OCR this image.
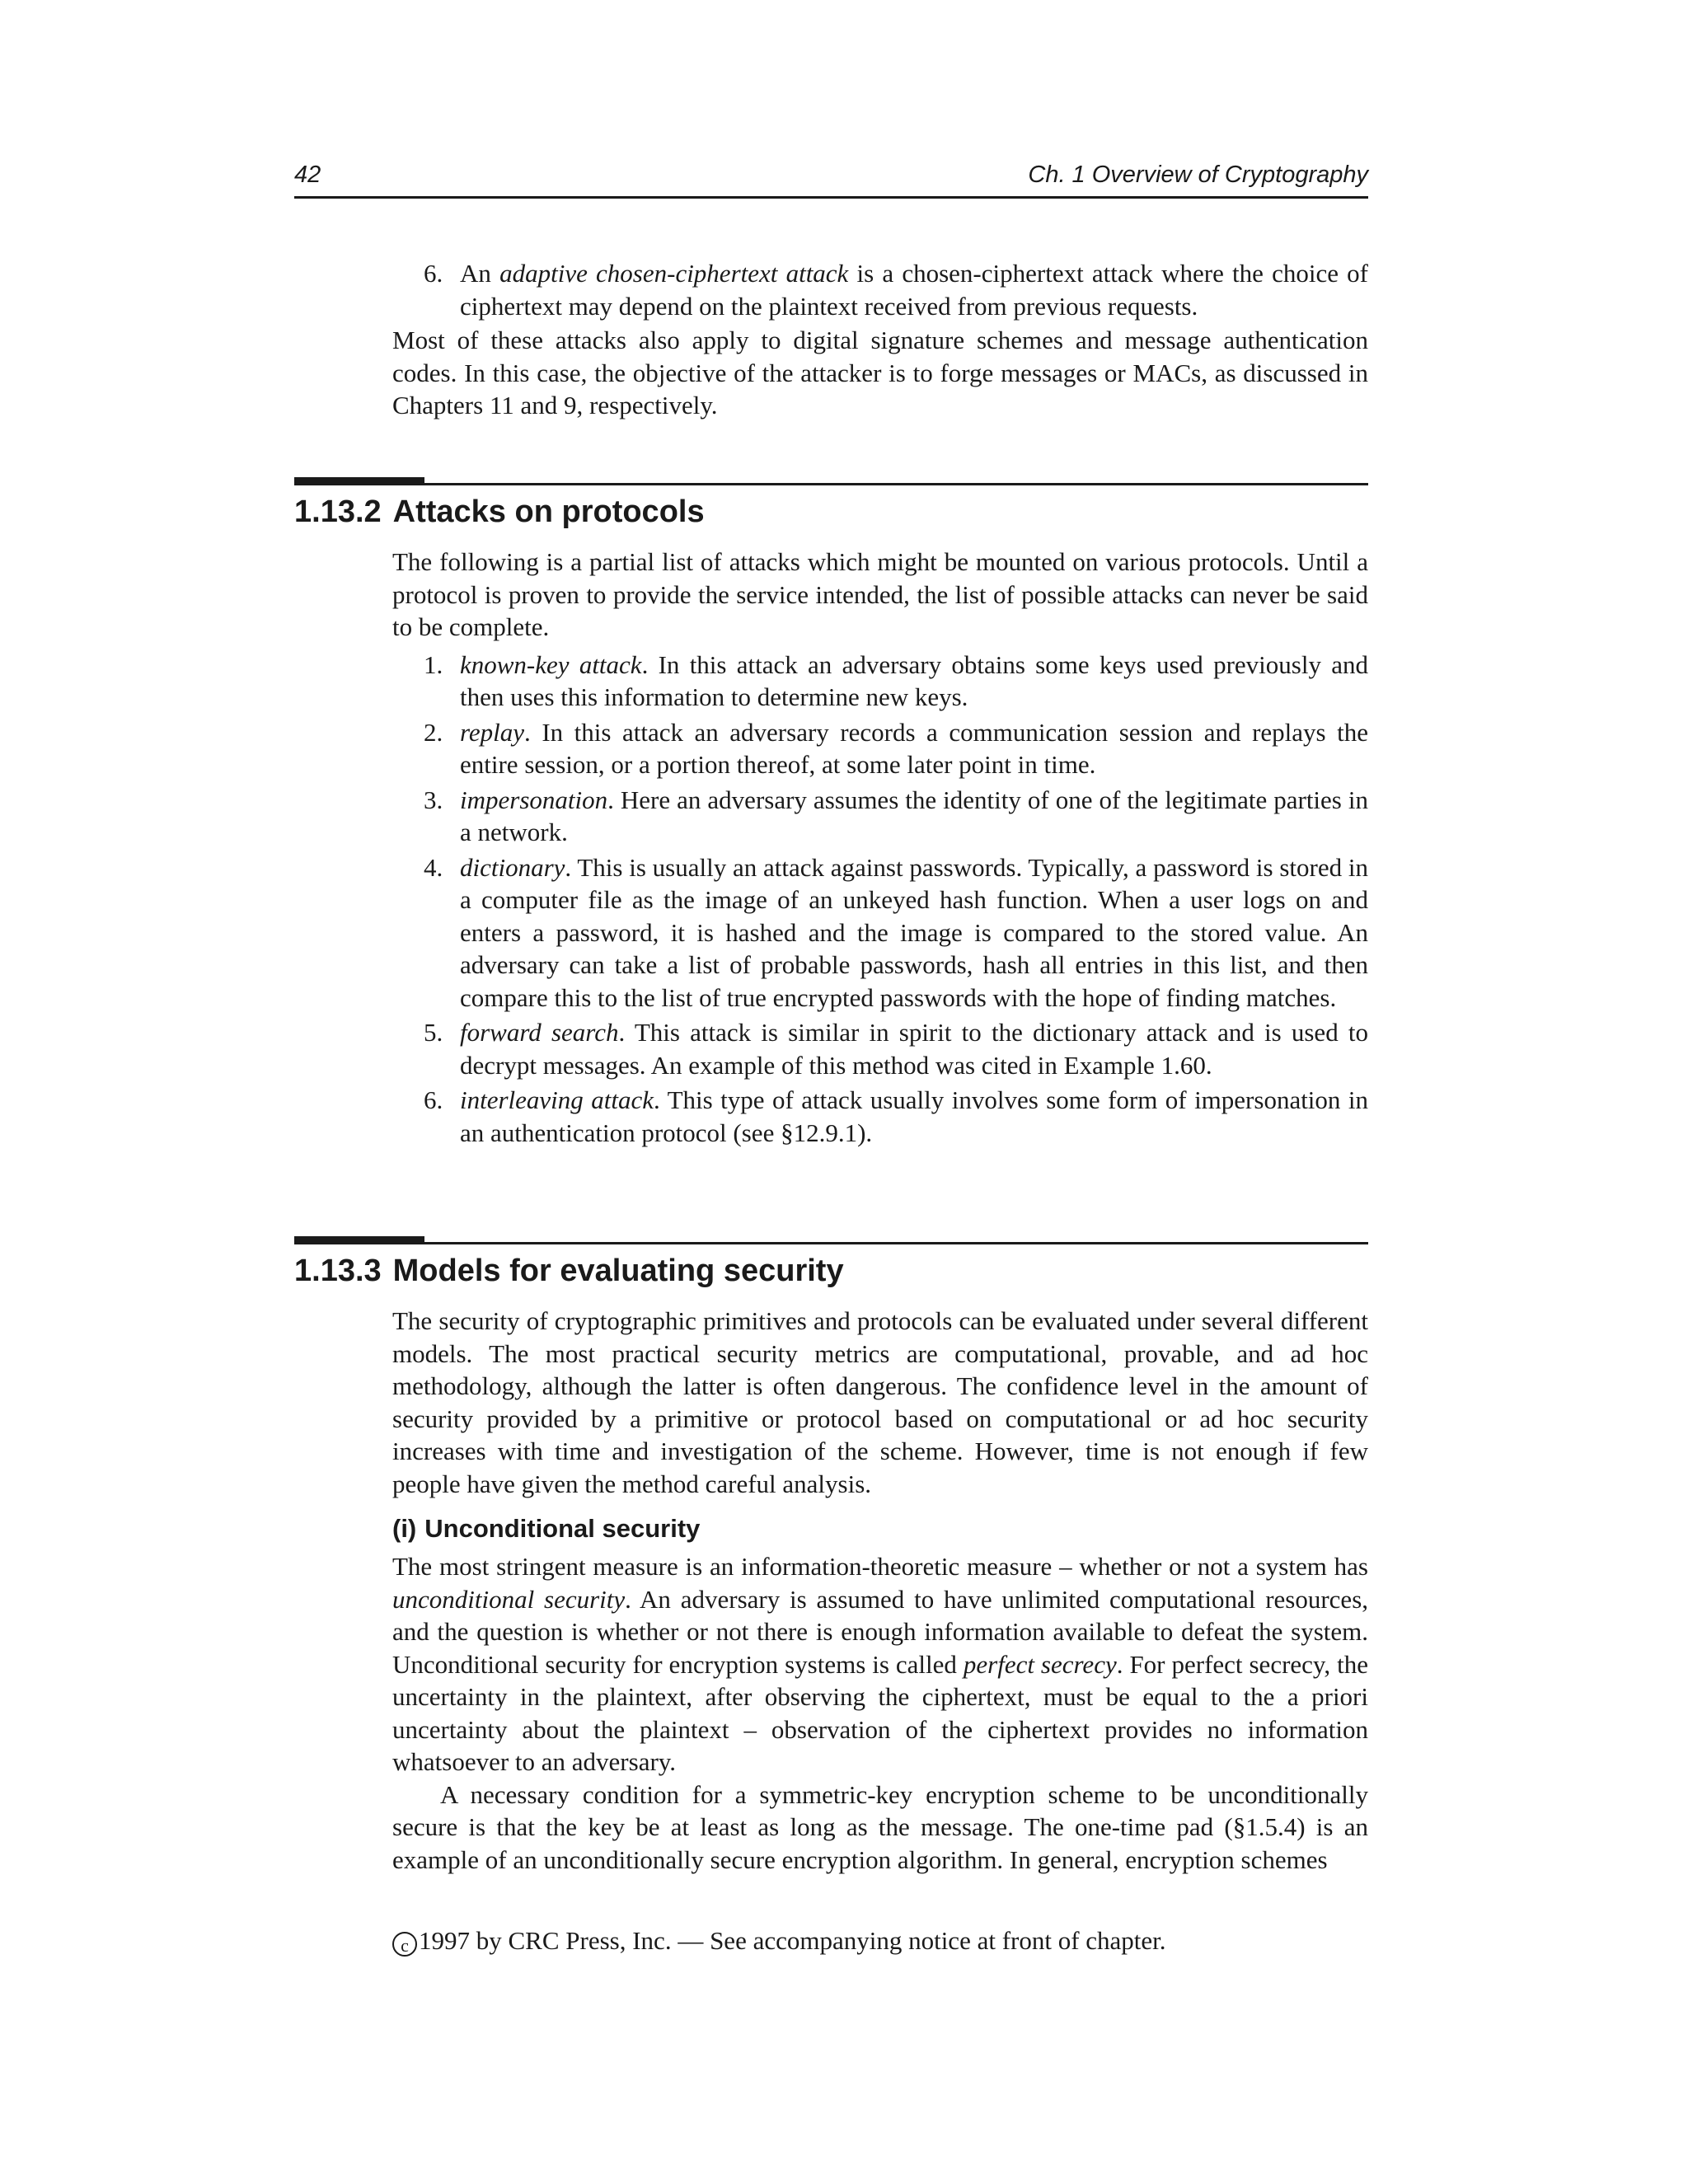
42	Ch. 1 Overview of Cryptography
6. An adaptive chosen-ciphertext attack is a chosen-ciphertext attack where the choice of ciphertext may depend on the plaintext received from previous requests.

Most of these attacks also apply to digital signature schemes and message authentication codes. In this case, the objective of the attacker is to forge messages or MACs, as discussed in Chapters 11 and 9, respectively.

1.13.2 Attacks on protocols

The following is a partial list of attacks which might be mounted on various protocols. Until a protocol is proven to provide the service intended, the list of possible attacks can never be said to be complete.

1. known-key attack. In this attack an adversary obtains some keys used previously and then uses this information to determine new keys.
2. replay. In this attack an adversary records a communication session and replays the entire session, or a portion thereof, at some later point in time.
3. impersonation. Here an adversary assumes the identity of one of the legitimate parties in a network.
4. dictionary. This is usually an attack against passwords. Typically, a password is stored in a computer file as the image of an unkeyed hash function. When a user logs on and enters a password, it is hashed and the image is compared to the stored value. An adversary can take a list of probable passwords, hash all entries in this list, and then compare this to the list of true encrypted passwords with the hope of finding matches.
5. forward search. This attack is similar in spirit to the dictionary attack and is used to decrypt messages. An example of this method was cited in Example 1.60.
6. interleaving attack. This type of attack usually involves some form of impersonation in an authentication protocol (see §12.9.1).
1.13.3 Models for evaluating security

The security of cryptographic primitives and protocols can be evaluated under several different models. The most practical security metrics are computational, provable, and ad hoc methodology, although the latter is often dangerous. The confidence level in the amount of security provided by a primitive or protocol based on computational or ad hoc security increases with time and investigation of the scheme. However, time is not enough if few people have given the method careful analysis.

(i) Unconditional security

The most stringent measure is an information-theoretic measure – whether or not a system has unconditional security. An adversary is assumed to have unlimited computational resources, and the question is whether or not there is enough information available to defeat the system. Unconditional security for encryption systems is called perfect secrecy. For perfect secrecy, the uncertainty in the plaintext, after observing the ciphertext, must be equal to the a priori uncertainty about the plaintext – observation of the ciphertext provides no information whatsoever to an adversary.

A necessary condition for a symmetric-key encryption scheme to be unconditionally secure is that the key be at least as long as the message. The one-time pad (§1.5.4) is an example of an unconditionally secure encryption algorithm. In general, encryption schemes

c 1997 by CRC Press, Inc. — See accompanying notice at front of chapter.
